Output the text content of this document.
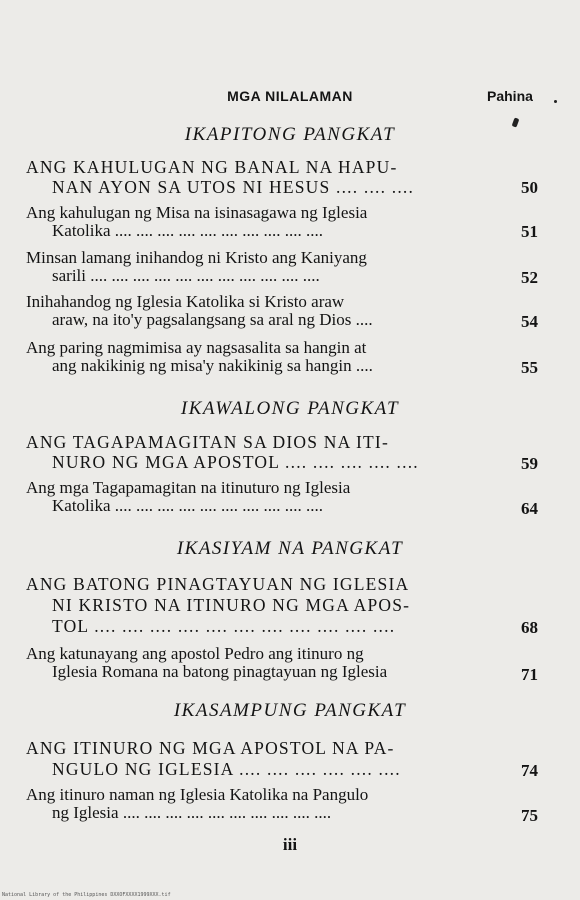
MGA NILALAMAN	Pahina
IKAPITONG PANGKAT
ANG KAHULUGAN NG BANAL NA HAPU-
NAN AYON SA UTOS NI HESUS .... .... ....	50
Ang kahulugan ng Misa na isinasagawa ng Iglesia
Katolika .... .... .... .... .... .... .... .... .... ....	51
Minsan lamang inihandog ni Kristo ang Kaniyang
sarili .... .... .... .... .... .... .... .... .... .... ....	52
Inihahandog ng Iglesia Katolika si Kristo araw
araw, na ito'y pagsalangsang sa aral ng Dios ....	54
Ang paring nagmimisa ay nagsasalita sa hangin at
ang nakikinig ng misa'y nakikinig sa hangin ....	55
IKAWALONG PANGKAT
ANG TAGAPAMAGITAN SA DIOS NA ITI-
NURO NG MGA APOSTOL .... .... .... .... ....	59
Ang mga Tagapamagitan na itinuturo ng Iglesia
Katolika .... .... .... .... .... .... .... .... .... ....	64
IKASIYAM NA PANGKAT
ANG BATONG PINAGTAYUAN NG IGLESIA
NI KRISTO NA ITINURO NG MGA APOS-
TOL .... .... .... .... .... .... .... .... .... .... ....	68
Ang katunayang ang apostol Pedro ang itinuro ng
Iglesia Romana na batong pinagtayuan ng Iglesia	71
IKASAMPUNG PANGKAT
ANG ITINURO NG MGA APOSTOL NA PA-
NGULO NG IGLESIA .... .... .... .... .... ....	74
Ang itinuro naman ng Iglesia Katolika na Pangulo
ng Iglesia .... .... .... .... .... .... .... .... .... ....	75
iii
National Library of the Philippines DXXOFXXXX1999XXX.tif
